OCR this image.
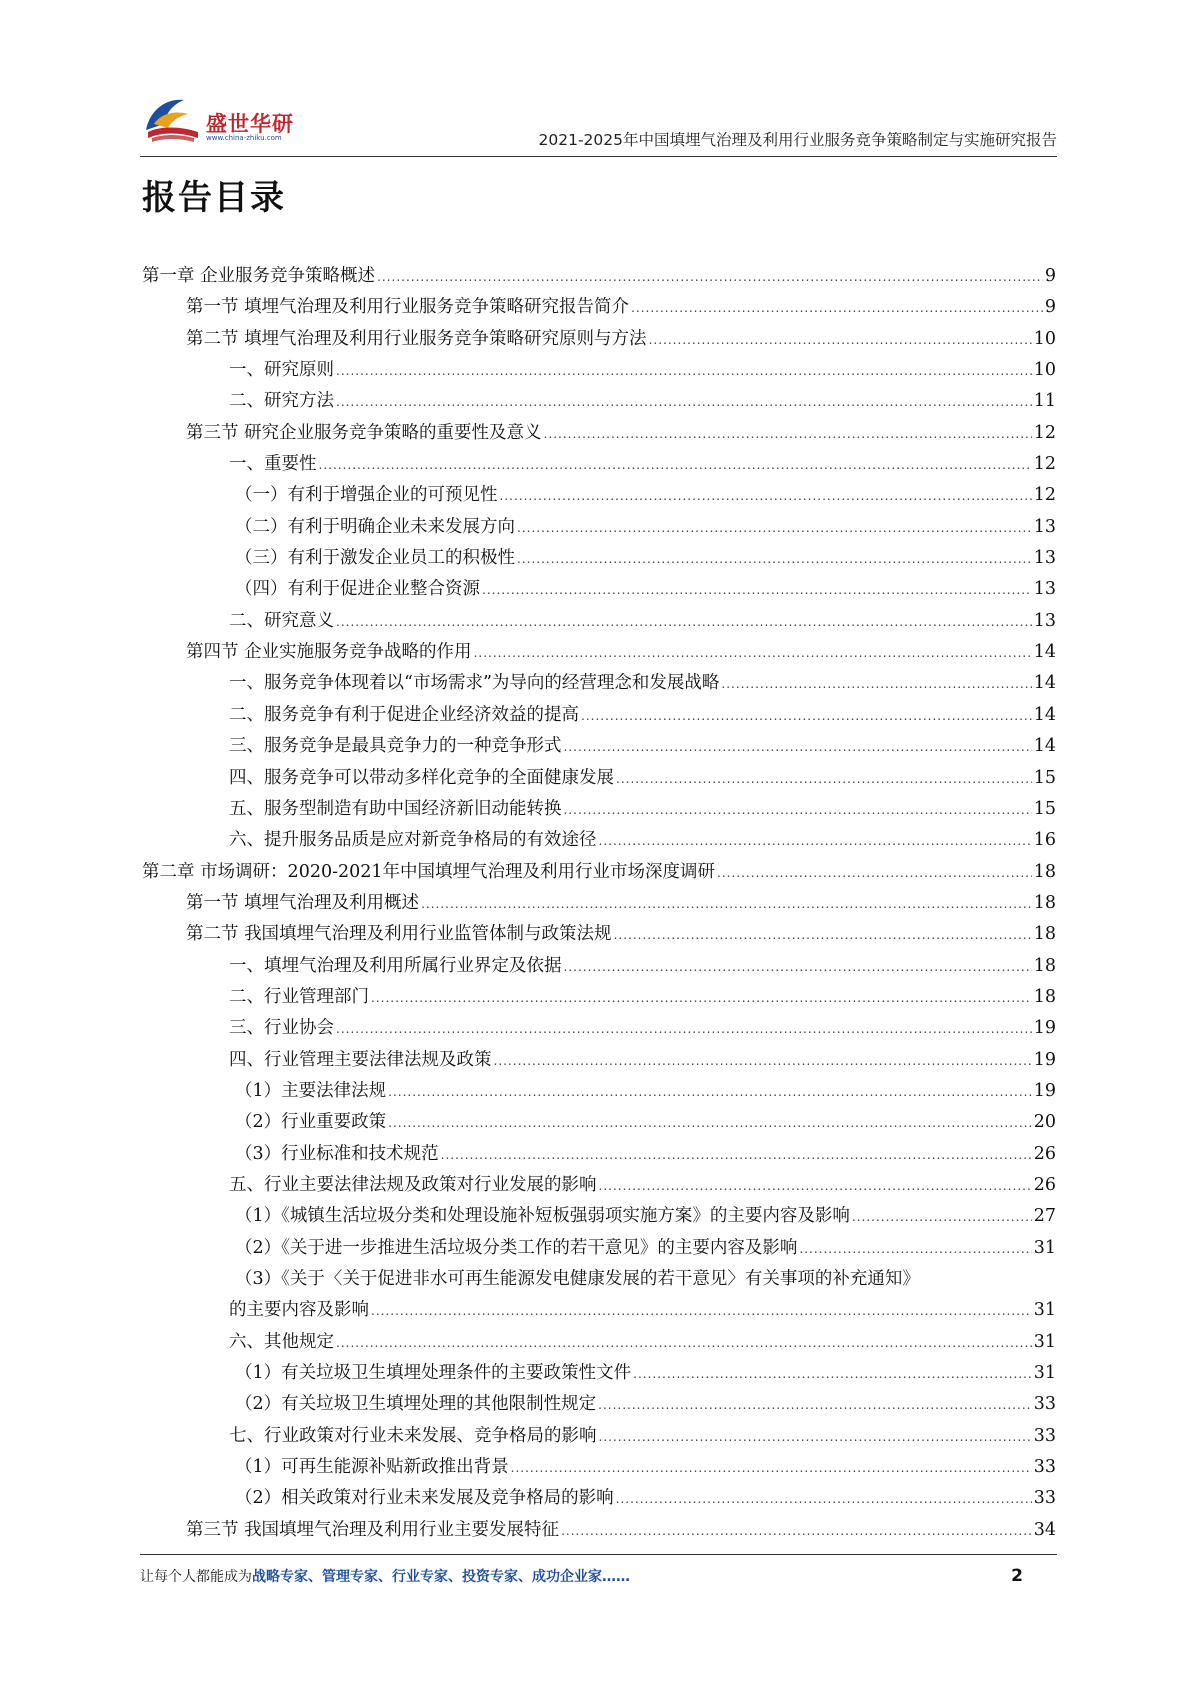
盛世华研
www.china-zhiku.com	2021-2025年中国填埋气治理及利用行业服务竞争策略制定与实施研究报告
报告目录
第一章 企业服务竞争策略概述 .....	9
第一节 填埋气治理及利用行业服务竞争策略研究报告简介 .....	9
第二节 填埋气治理及利用行业服务竞争策略研究原则与方法 .....	10
一、研究原则 .....	10
二、研究方法 .....	11
第三节 研究企业服务竞争策略的重要性及意义 .....	12
一、重要性 .....	12
（一）有利于增强企业的可预见性 .....	12
（二）有利于明确企业未来发展方向 .....	13
（三）有利于激发企业员工的积极性 .....	13
（四）有利于促进企业整合资源 .....	13
二、研究意义 .....	13
第四节 企业实施服务竞争战略的作用 .....	14
一、服务竞争体现着以“市场需求”为导向的经营理念和发展战略 .....	14
二、服务竞争有利于促进企业经济效益的提高 .....	14
三、服务竞争是最具竞争力的一种竞争形式 .....	14
四、服务竞争可以带动多样化竞争的全面健康发展 .....	15
五、服务型制造有助中国经济新旧动能转换 .....	15
六、提升服务品质是应对新竞争格局的有效途径 .....	16
第二章 市场调研：2020-2021年中国填埋气治理及利用行业市场深度调研 .....	18
第一节 填埋气治理及利用概述 .....	18
第二节 我国填埋气治理及利用行业监管体制与政策法规 .....	18
一、填埋气治理及利用所属行业界定及依据 .....	18
二、行业管理部门 .....	18
三、行业协会 .....	19
四、行业管理主要法律法规及政策 .....	19
（1）主要法律法规 .....	19
（2）行业重要政策 .....	20
（3）行业标准和技术规范 .....	26
五、行业主要法律法规及政策对行业发展的影响 .....	26
（1）《城镇生活垃圾分类和处理设施补短板强弱项实施方案》的主要内容及影响 .....	27
（2）《关于进一步推进生活垃圾分类工作的若干意见》的主要内容及影响 .....	31
（3）《关于〈关于促进非水可再生能源发电健康发展的若干意见〉有关事项的补充通知》
的主要内容及影响 .....	31
六、其他规定 .....	31
（1）有关垃圾卫生填埋处理条件的主要政策性文件 .....	31
（2）有关垃圾卫生填埋处理的其他限制性规定 .....	33
七、行业政策对行业未来发展、竞争格局的影响 .....	33
（1）可再生能源补贴新政推出背景 .....	33
（2）相关政策对行业未来发展及竞争格局的影响 .....	33
第三节 我国填埋气治理及利用行业主要发展特征 .....	34
让每个人都能成为战略专家、管理专家、行业专家、投资专家、成功企业家……	2
